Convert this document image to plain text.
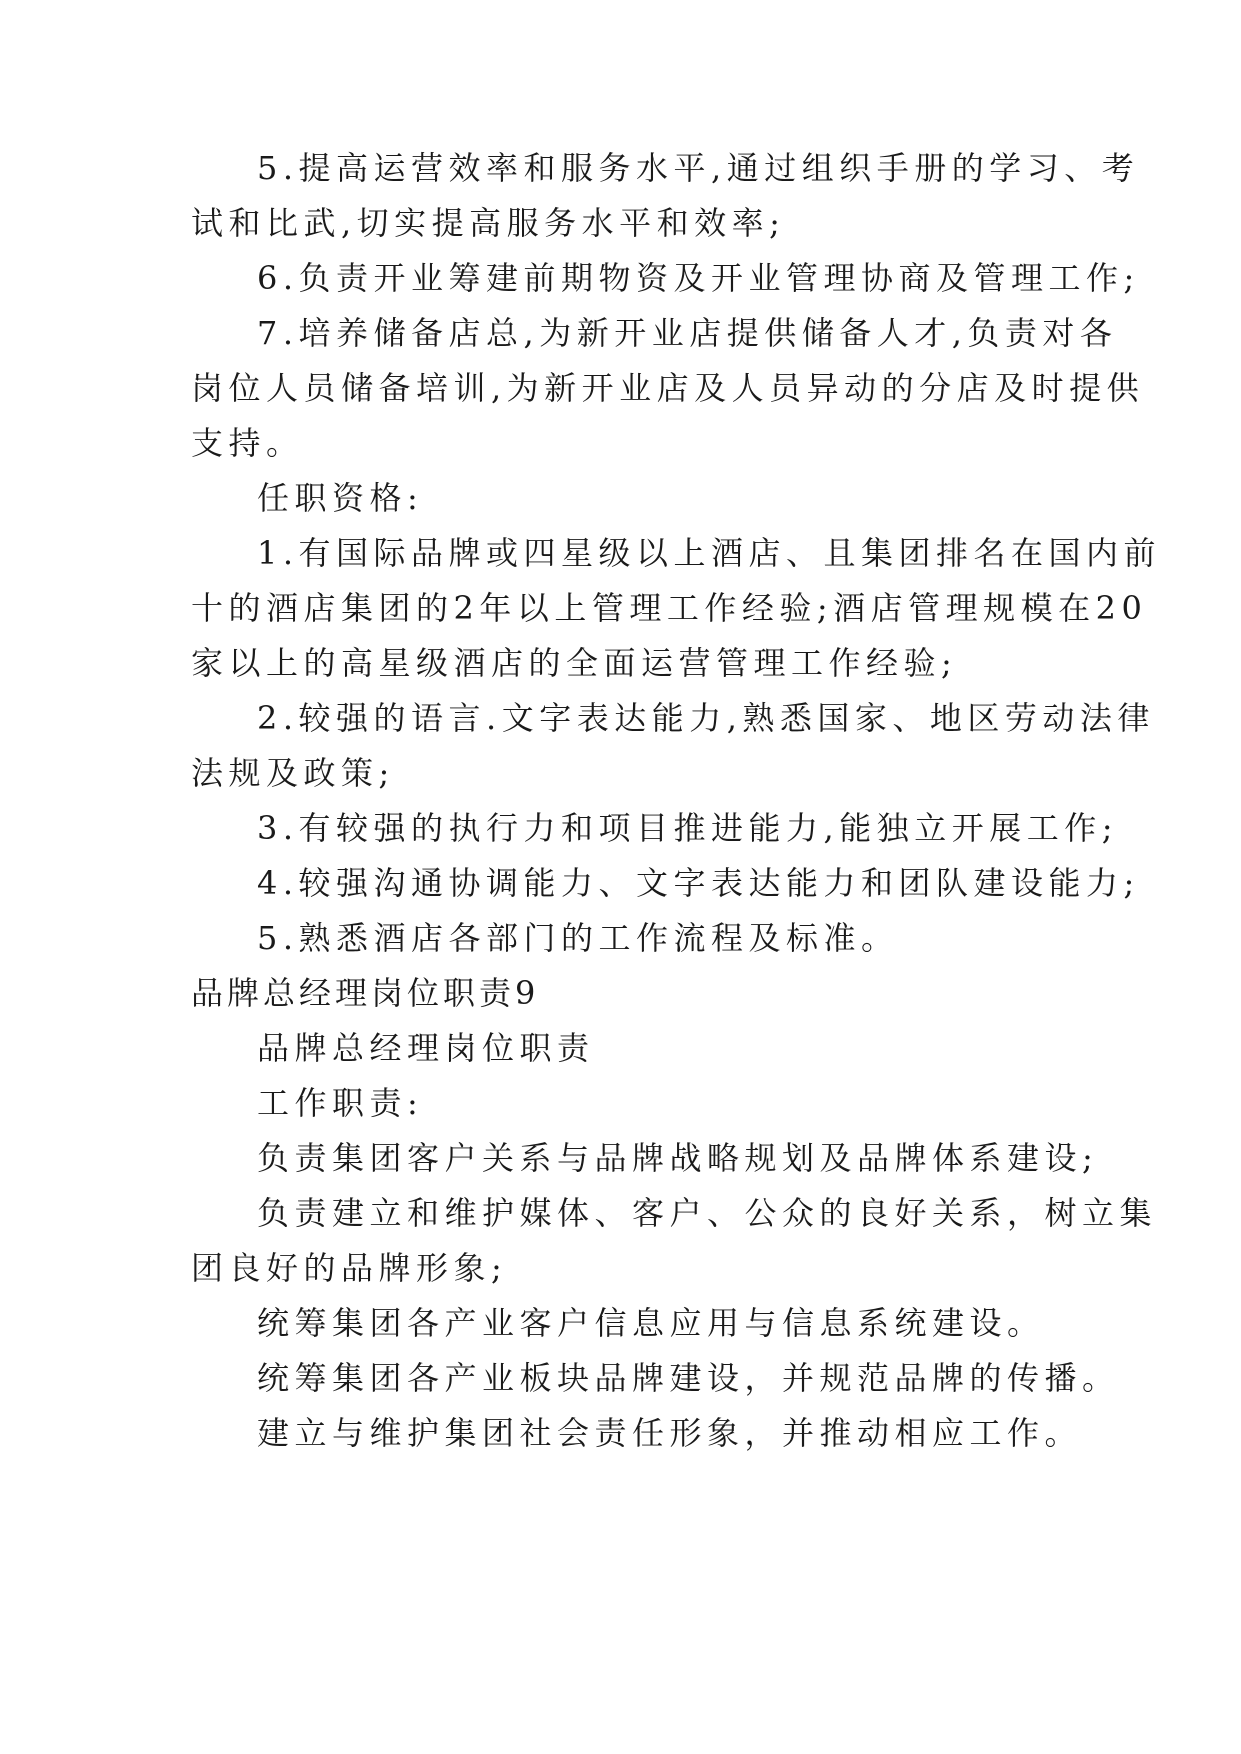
5.提高运营效率和服务水平,通过组织手册的学习、考
试和比武,切实提高服务水平和效率;
6.负责开业筹建前期物资及开业管理协商及管理工作;
7.培养储备店总,为新开业店提供储备人才,负责对各
岗位人员储备培训,为新开业店及人员异动的分店及时提供
支持。
任职资格:
1.有国际品牌或四星级以上酒店、且集团排名在国内前
十的酒店集团的2年以上管理工作经验;酒店管理规模在20
家以上的高星级酒店的全面运营管理工作经验;
2.较强的语言.文字表达能力,熟悉国家、地区劳动法律
法规及政策;
3.有较强的执行力和项目推进能力,能独立开展工作;
4.较强沟通协调能力、文字表达能力和团队建设能力;
5.熟悉酒店各部门的工作流程及标准。
品牌总经理岗位职责9
品牌总经理岗位职责
工作职责:
负责集团客户关系与品牌战略规划及品牌体系建设;
负责建立和维护媒体、客户、公众的良好关系，树立集
团良好的品牌形象;
统筹集团各产业客户信息应用与信息系统建设。
统筹集团各产业板块品牌建设，并规范品牌的传播。
建立与维护集团社会责任形象，并推动相应工作。
